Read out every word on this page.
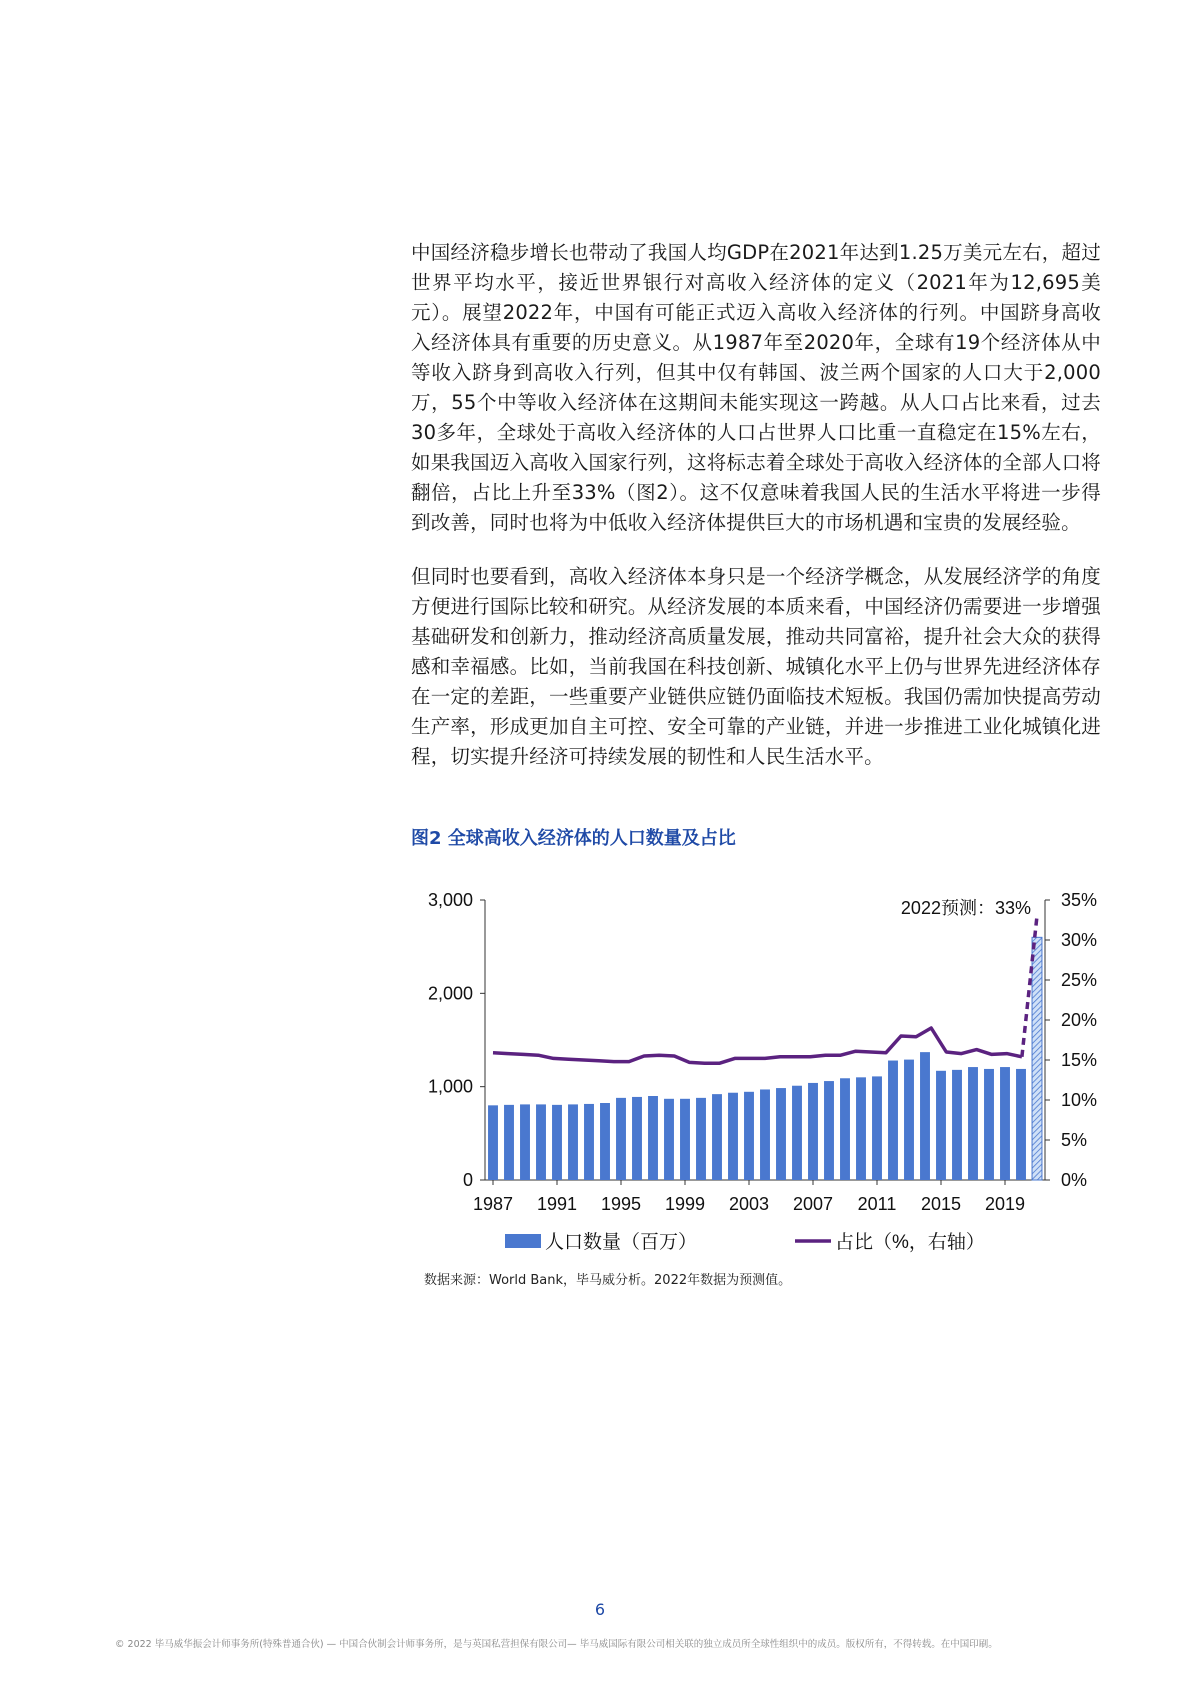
中国经济稳步增长也带动了我国人均GDP在2021年达到1.25万美元左右，超过世界平均水平，接近世界银行对高收入经济体的定义（2021年为12,695美元）。展望2022年，中国有可能正式迈入高收入经济体的行列。中国跻身高收入经济体具有重要的历史意义。从1987年至2020年，全球有19个经济体从中等收入跻身到高收入行列，但其中仅有韩国、波兰两个国家的人口大于2,000万，55个中等收入经济体在这期间未能实现这一跨越。从人口占比来看，过去30多年，全球处于高收入经济体的人口占世界人口比重一直稳定在15%左右，如果我国迈入高收入国家行列，这将标志着全球处于高收入经济体的全部人口将翻倍，占比上升至33%（图2）。这不仅意味着我国人民的生活水平将进一步得到改善，同时也将为中低收入经济体提供巨大的市场机遇和宝贵的发展经验。

但同时也要看到，高收入经济体本身只是一个经济学概念，从发展经济学的角度方便进行国际比较和研究。从经济发展的本质来看，中国经济仍需要进一步增强基础研发和创新力，推动经济高质量发展，推动共同富裕，提升社会大众的获得感和幸福感。比如，当前我国在科技创新、城镇化水平上仍与世界先进经济体存在一定的差距，一些重要产业链供应链仍面临技术短板。我国仍需加快提高劳动生产率，形成更加自主可控、安全可靠的产业链，并进一步推进工业化城镇化进程，切实提升经济可持续发展的韧性和人民生活水平。

图2 全球高收入经济体的人口数量及占比

0
1,000
2,000
3,000
0%
5%
10%
15%
20%
25%
30%
35%
1987 1991 1995 1999 2003 2007 2011 2015 2019
2022预测：33%
人口数量（百万）	占比（%，右轴）
数据来源：World Bank，毕马威分析。2022年数据为预测值。
6
© 2022 毕马威华振会计师事务所(特殊普通合伙) — 中国合伙制会计师事务所，是与英国私营担保有限公司— 毕马威国际有限公司相关联的独立成员所全球性组织中的成员。版权所有，不得转载。在中国印刷。
